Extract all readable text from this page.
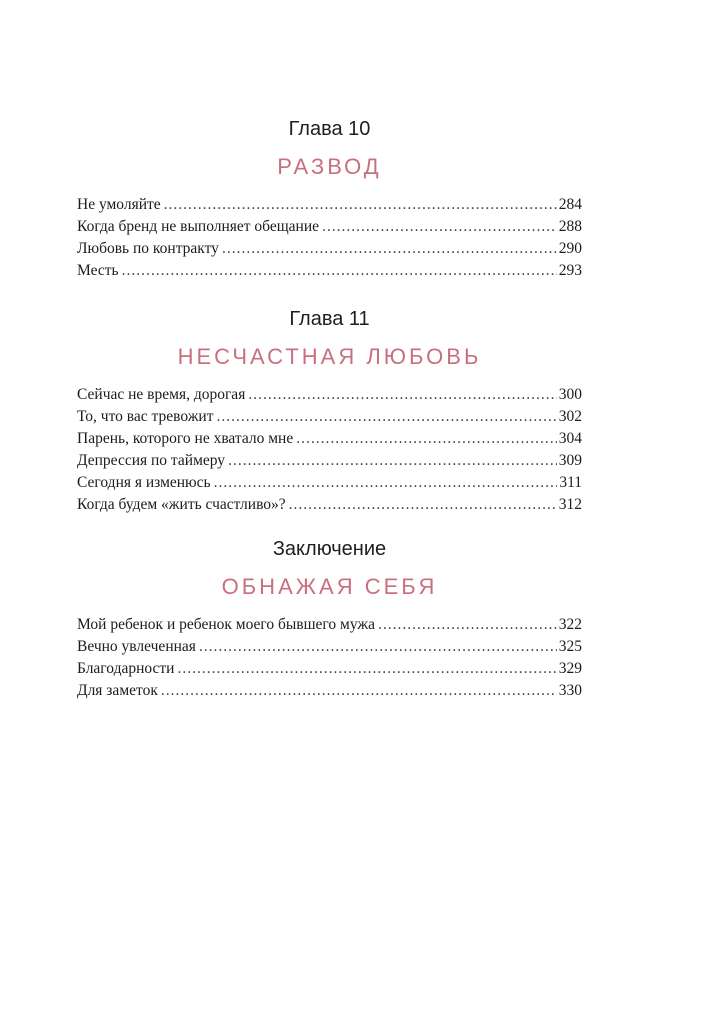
Глава 10
РАЗВОД
Не умоляйте .....	284
Когда бренд не выполняет обещание .....	288
Любовь по контракту .....	290
Месть .....	293
Глава 11
НЕСЧАСТНАЯ ЛЮБОВЬ
Сейчас не время, дорогая .....	300
То, что вас тревожит .....	302
Парень, которого не хватало мне .....	304
Депрессия по таймеру .....	309
Сегодня я изменюсь .....	311
Когда будем «жить счастливо»? .....	312
Заключение
ОБНАЖАЯ СЕБЯ
Мой ребенок и ребенок моего бывшего мужа .....	322
Вечно увлеченная .....	325
Благодарности .....	329
Для заметок .....	330
